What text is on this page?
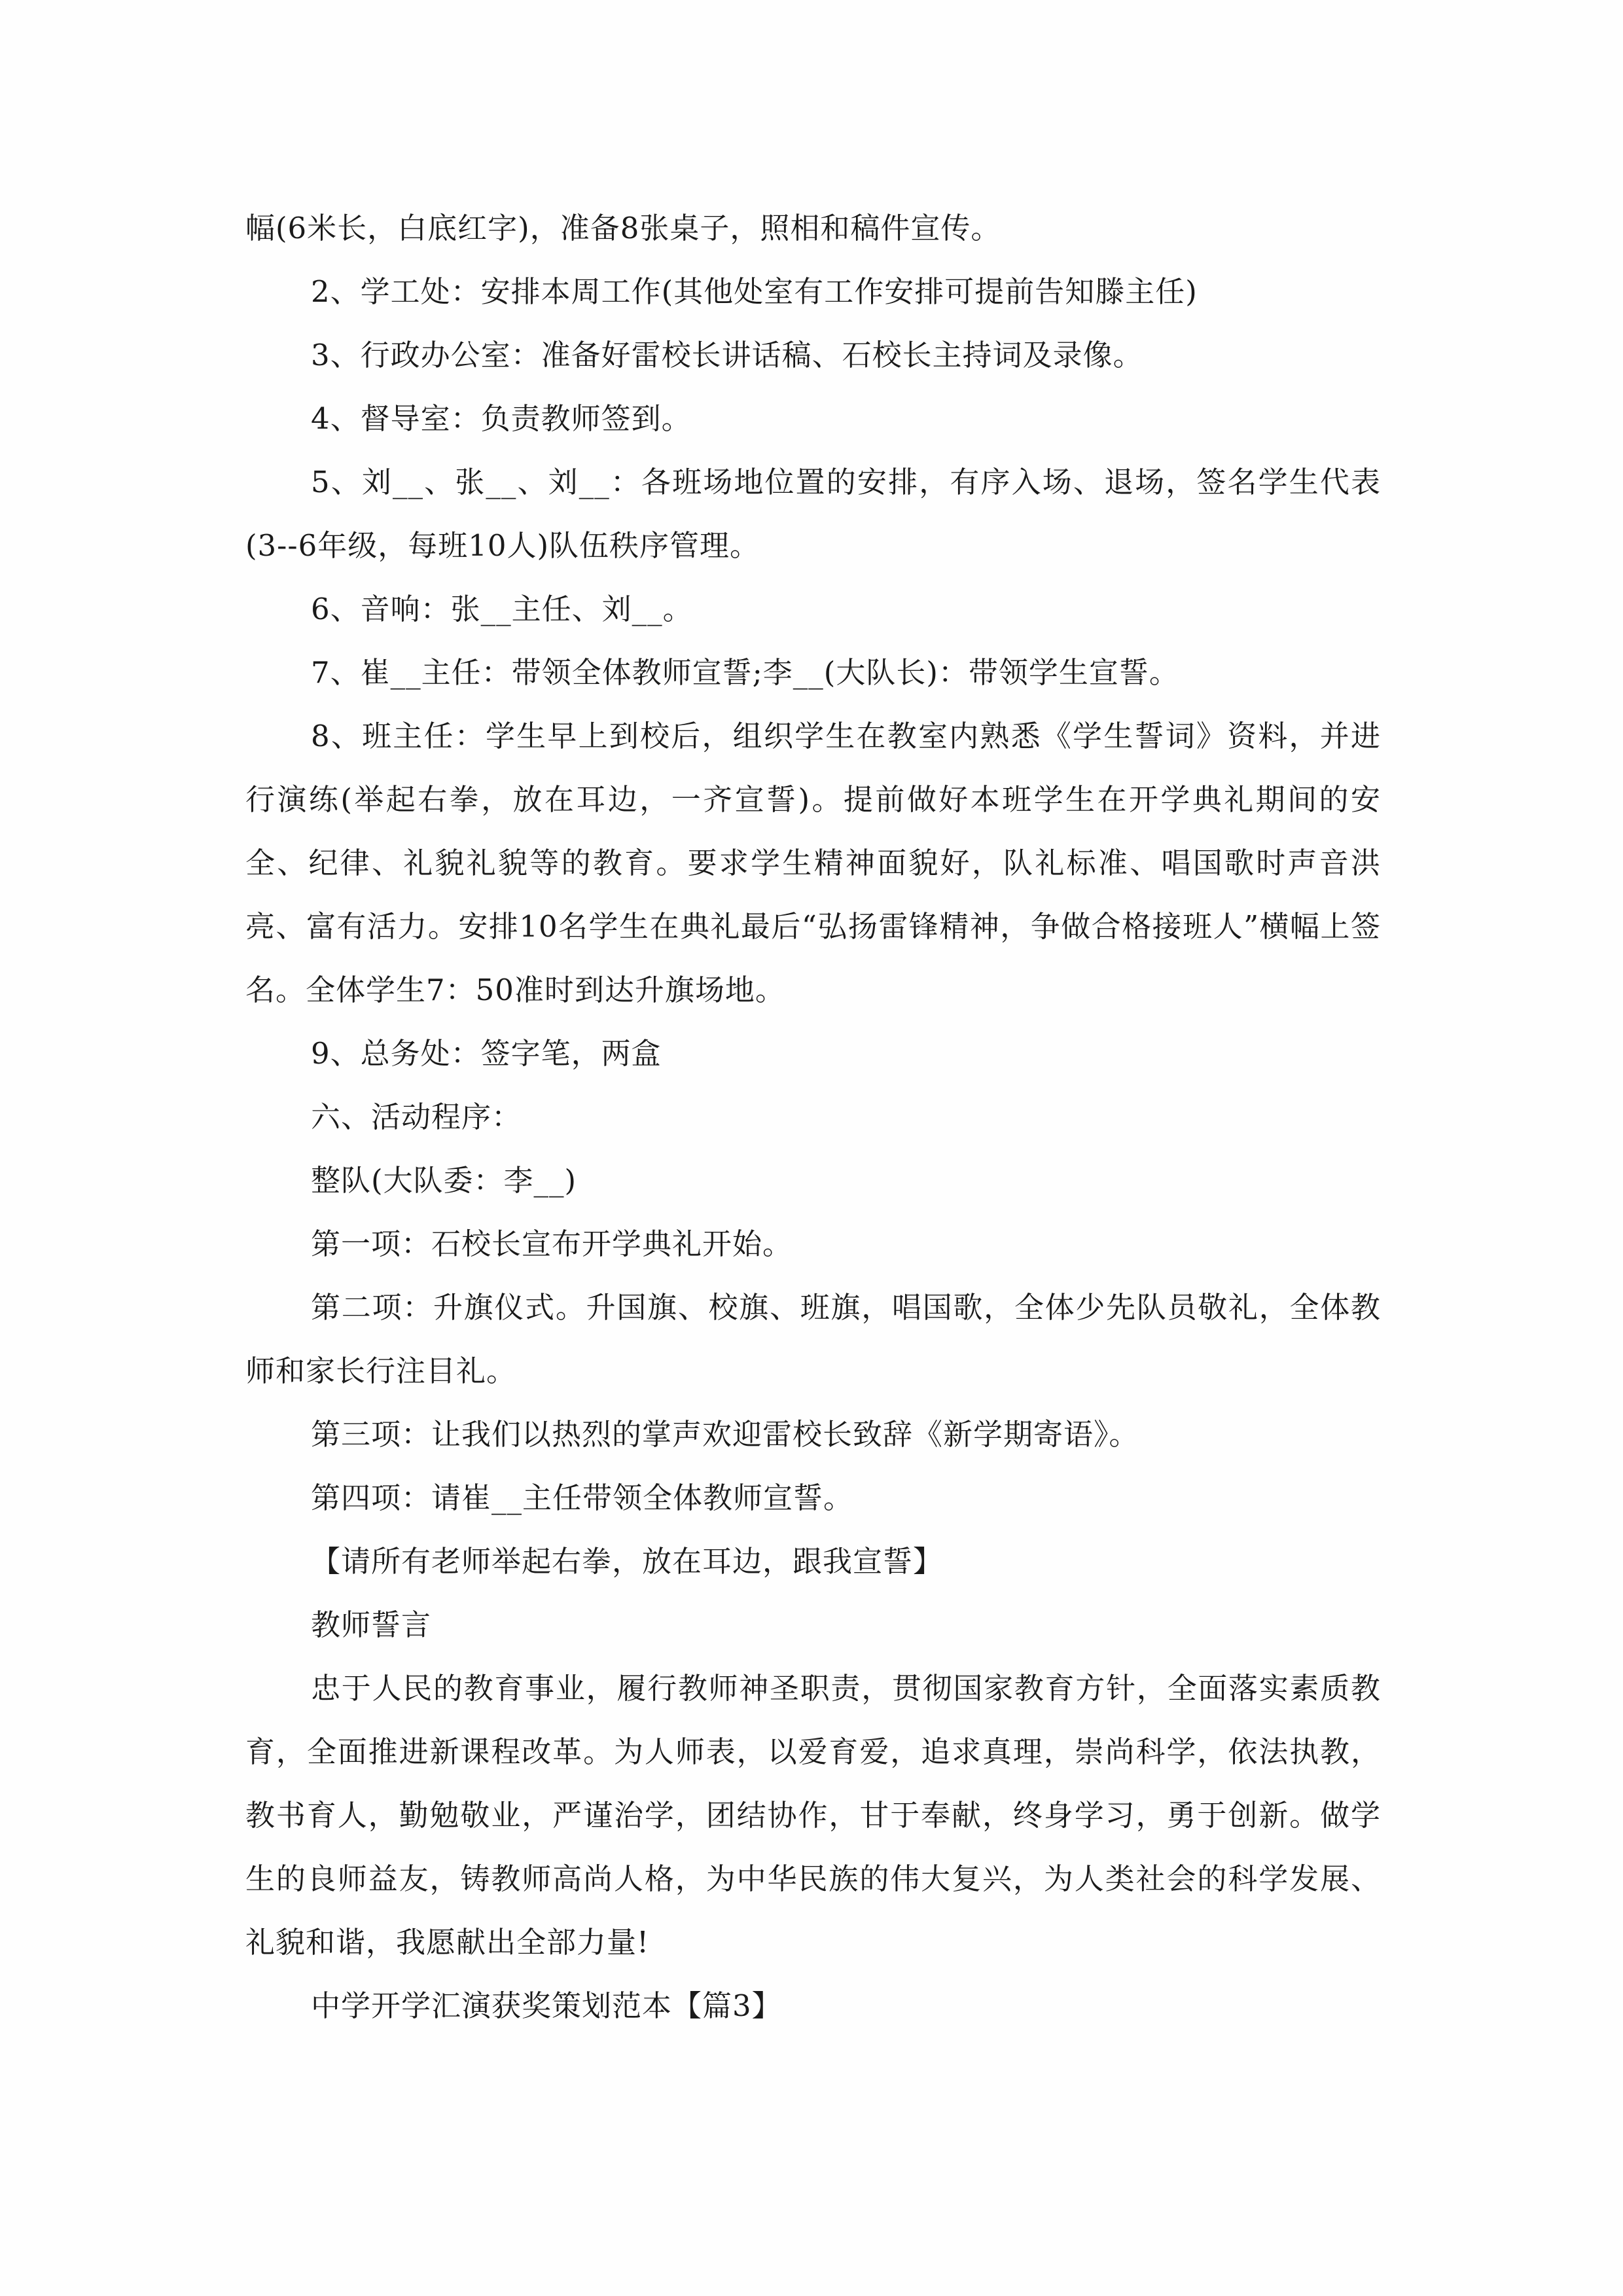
幅(6米长，白底红字)，准备8张桌子，照相和稿件宣传。

2、学工处：安排本周工作(其他处室有工作安排可提前告知滕主任)

3、行政办公室：准备好雷校长讲话稿、石校长主持词及录像。

4、督导室：负责教师签到。

5、刘__、张__、刘__：各班场地位置的安排，有序入场、退场，签名学生代表(3--6年级，每班10人)队伍秩序管理。

6、音响：张__主任、刘__。

7、崔__主任：带领全体教师宣誓;李__(大队长)：带领学生宣誓。

8、班主任：学生早上到校后，组织学生在教室内熟悉《学生誓词》资料，并进行演练(举起右拳，放在耳边，一齐宣誓)。提前做好本班学生在开学典礼期间的安全、纪律、礼貌礼貌等的教育。要求学生精神面貌好，队礼标准、唱国歌时声音洪亮、富有活力。安排10名学生在典礼最后“弘扬雷锋精神，争做合格接班人”横幅上签名。全体学生7：50准时到达升旗场地。

9、总务处：签字笔，两盒

六、活动程序：

整队(大队委：李__)

第一项：石校长宣布开学典礼开始。

第二项：升旗仪式。升国旗、校旗、班旗，唱国歌，全体少先队员敬礼，全体教师和家长行注目礼。

第三项：让我们以热烈的掌声欢迎雷校长致辞《新学期寄语》。

第四项：请崔__主任带领全体教师宣誓。

【请所有老师举起右拳，放在耳边，跟我宣誓】

教师誓言

忠于人民的教育事业，履行教师神圣职责，贯彻国家教育方针，全面落实素质教育，全面推进新课程改革。为人师表，以爱育爱，追求真理，崇尚科学，依法执教，教书育人，勤勉敬业，严谨治学，团结协作，甘于奉献，终身学习，勇于创新。做学生的良师益友，铸教师高尚人格，为中华民族的伟大复兴，为人类社会的科学发展、礼貌和谐，我愿献出全部力量!

中学开学汇演获奖策划范本【篇3】
